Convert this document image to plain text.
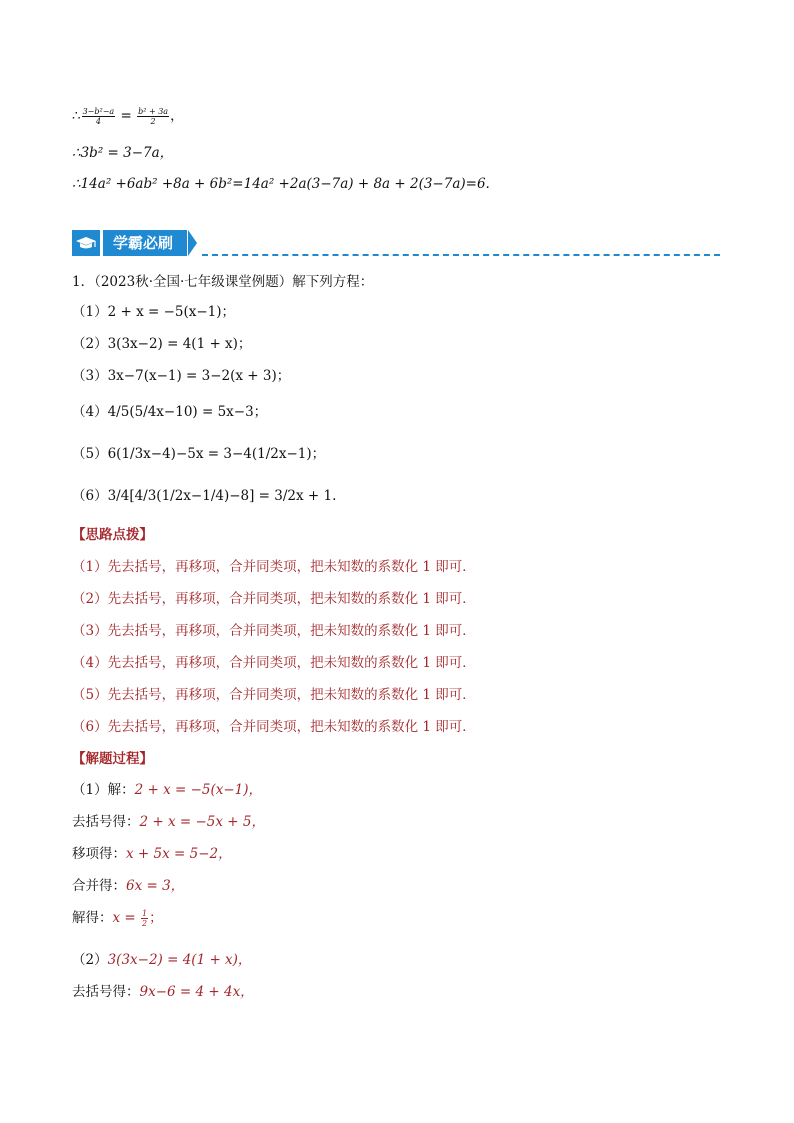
∴ $\frac{\text{3−b²−a}}{4} = \frac{\text{b² + 3a}}{2}$ ，
∴3b² = 3−7a，
∴14a² +6ab² +8a + 6b²=14a² +2a(3−7a) + 8a + 2(3−7a)=6.
学霸必刷
1．（2023秋·全国·七年级课堂例题）解下列方程：
（1）2 + x = −5(x−1)；
（2）3(3x−2) = 4(1 + x)；
（3）3x−7(x−1) = 3−2(x + 3)；
（4）4/5(5/4x−10) = 5x−3；
（5）6(1/3x−4)−5x = 3−4(1/2x−1)；
（6）3/4[4/3(1/2x−1/4)−8] = 3/2x + 1.
【思路点拨】
（1）先去括号，再移项，合并同类项，把未知数的系数化 1 即可．
（2）先去括号，再移项，合并同类项，把未知数的系数化 1 即可．
（3）先去括号，再移项，合并同类项，把未知数的系数化 1 即可．
（4）先去括号，再移项，合并同类项，把未知数的系数化 1 即可．
（5）先去括号，再移项，合并同类项，把未知数的系数化 1 即可．
（6）先去括号，再移项，合并同类项，把未知数的系数化 1 即可．
【解题过程】
（1）解：2 + x = −5(x−1)，
去括号得：2 + x = −5x + 5，
移项得：x + 5x = 5−2，
合并得：6x = 3，
解得：$x = \frac{1}{2}$ ；
（2）3(3x−2) = 4(1 + x)，
去括号得：9x−6 = 4 + 4x，
